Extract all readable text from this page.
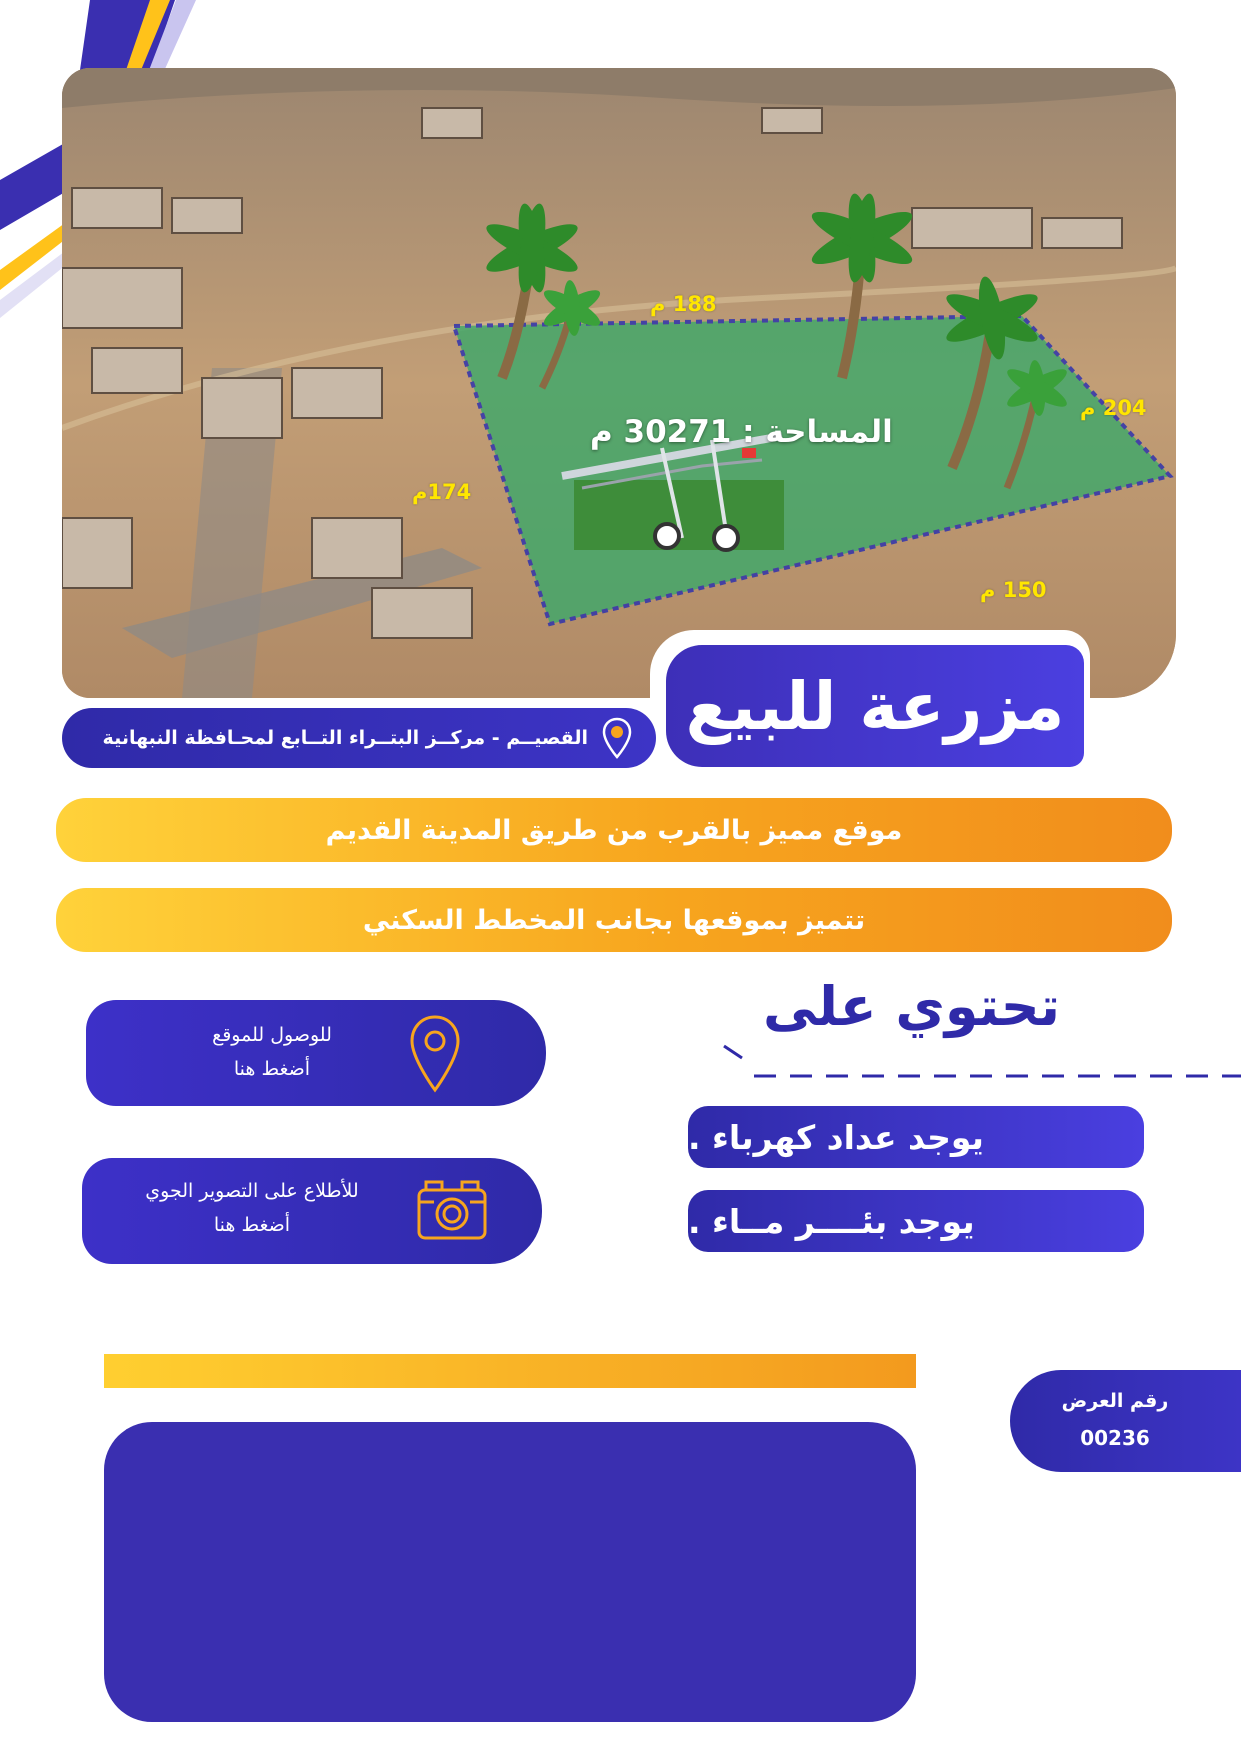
188 م
204 م
174م
150 م
المساحة : 30271 م
مزرعة للبيع
القصيــم - مركــز البتــراء التــابع لمحـافظة النبهانية
موقع مميز بالقرب من طريق المدينة القديم
تتميز بموقعها بجانب المخطط السكني
تحتوي على
يوجد عداد كهرباء .
يوجد بئــــر مــاء .
للوصول للموقع
أضغط هنا
للأطلاع على التصوير الجوي
أضغط هنا
رقم العرض
00236
